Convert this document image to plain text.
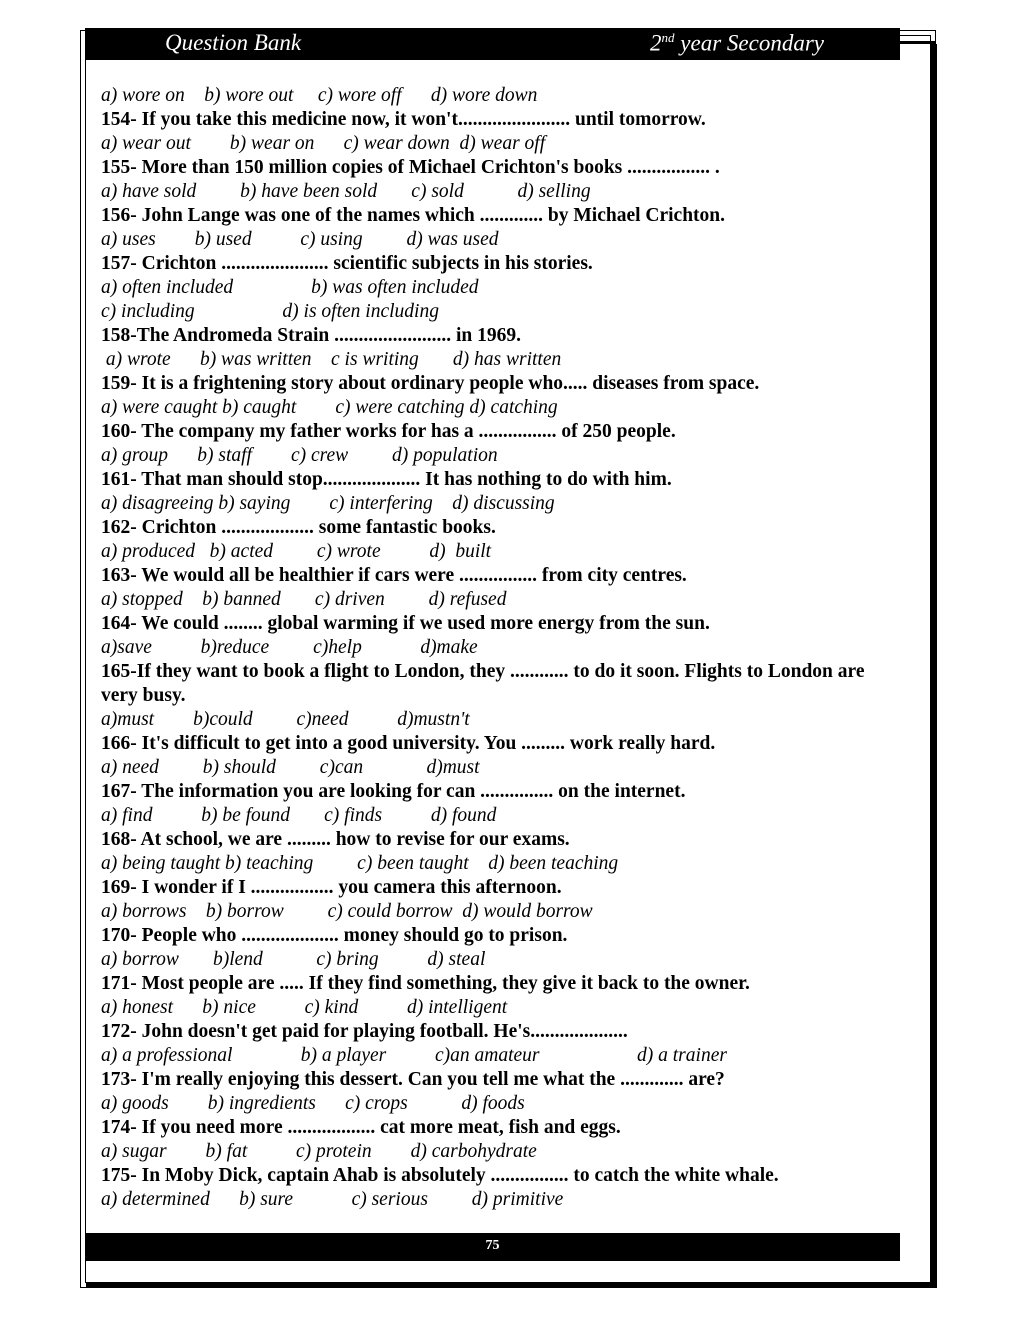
Question Bank	2nd year Secondary
a) wore on    b) wore out     c) wore off      d) wore down
154- If you take this medicine now, it won't....................... until tomorrow.
a) wear out        b) wear on      c) wear down  d) wear off
155- More than 150 million copies of Michael Crichton's books ................. .
a) have sold         b) have been sold       c) sold           d) selling
156- John Lange was one of the names which ............. by Michael Crichton.
a) uses        b) used          c) using         d) was used
157- Crichton ...................... scientific subjects in his stories.
a) often included                b) was often included
c) including                  d) is often including
158-The Andromeda Strain ........................ in 1969.
a) wrote      b) was written    c is writing       d) has written
159- It is a frightening story about ordinary people who..... diseases from space.
a) were caught b) caught        c) were catching d) catching
160- The company my father works for has a ................ of 250 people.
a) group      b) staff        c) crew         d) population
161- That man should stop.................... It has nothing to do with him.
a) disagreeing b) saying        c) interfering    d) discussing
162- Crichton ................... some fantastic books.
a) produced   b) acted         c) wrote          d)  built
163- We would all be healthier if cars were ................ from city centres.
a) stopped    b) banned       c) driven         d) refused
164- We could ........ global warming if we used more energy from the sun.
a)save          b)reduce         c)help            d)make
165-If they want to book a flight to London, they ............ to do it soon. Flights to London are very busy.
a)must        b)could         c)need          d)mustn't
166- It's difficult to get into a good university. You ......... work really hard.
a) need         b) should         c)can             d)must
167- The information you are looking for can ............... on the internet.
a) find          b) be found       c) finds          d) found
168- At school, we are ......... how to revise for our exams.
a) being taught b) teaching         c) been taught    d) been teaching
169- I wonder if I ................. you camera this afternoon.
a) borrows    b) borrow         c) could borrow  d) would borrow
170- People who .................... money should go to prison.
a) borrow       b)lend           c) bring          d) steal
171- Most people are ..... If they find something, they give it back to the owner.
a) honest      b) nice          c) kind          d) intelligent
172- John doesn't get paid for playing football. He's....................
a) a professional              b) a player          c)an amateur                    d) a trainer
173- I'm really enjoying this dessert. Can you tell me what the ............. are?
a) goods        b) ingredients      c) crops           d) foods
174- If you need more .................. cat more meat, fish and eggs.
a) sugar        b) fat          c) protein        d) carbohydrate
175- In Moby Dick, captain Ahab is absolutely ................ to catch the white whale.
a) determined      b) sure            c) serious         d) primitive
75
